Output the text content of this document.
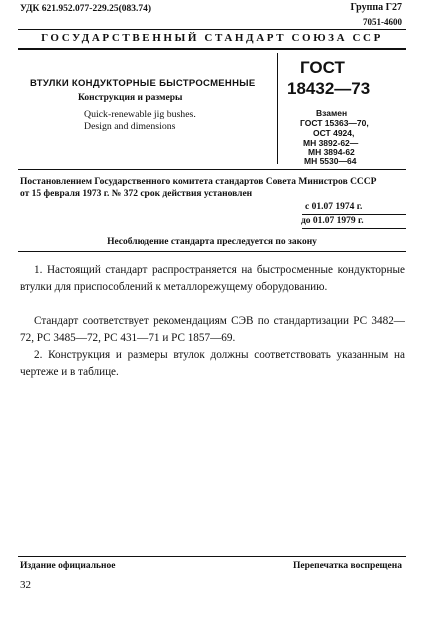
УДК 621.952.077-229.25(083.74)	Группа Г27
7051-4600
ГОСУДАРСТВЕННЫЙ СТАНДАРТ СОЮЗА ССР
ВТУЛКИ КОНДУКТОРНЫЕ БЫСТРОСМЕННЫЕ
Конструкция и размеры
Quick-renewable jig bushes.
Design and dimensions
ГОСТ
18432—73
Взамен
ГОСТ 15363—70,
ОСТ 4924,
МН 3892-62—
МН 3894-62
МН 5530—64
Постановлением Государственного комитета стандартов Совета Министров СССР
от 15 февраля 1973 г. № 372 срок действия установлен
с 01.07 1974 г.
до 01.07 1979 г.
Несоблюдение стандарта преследуется по закону
1. Настоящий стандарт распространяется на быстросменные кондукторные втулки для приспособлений к металлорежущему оборудованию.
Стандарт соответствует рекомендациям СЭВ по стандартизации РС 3482—72, РС 3485—72, РС 431—71 и РС 1857—69.
2. Конструкция и размеры втулок должны соответствовать указанным на чертеже и в таблице.
Издание официальное	Перепечатка воспрещена
32
